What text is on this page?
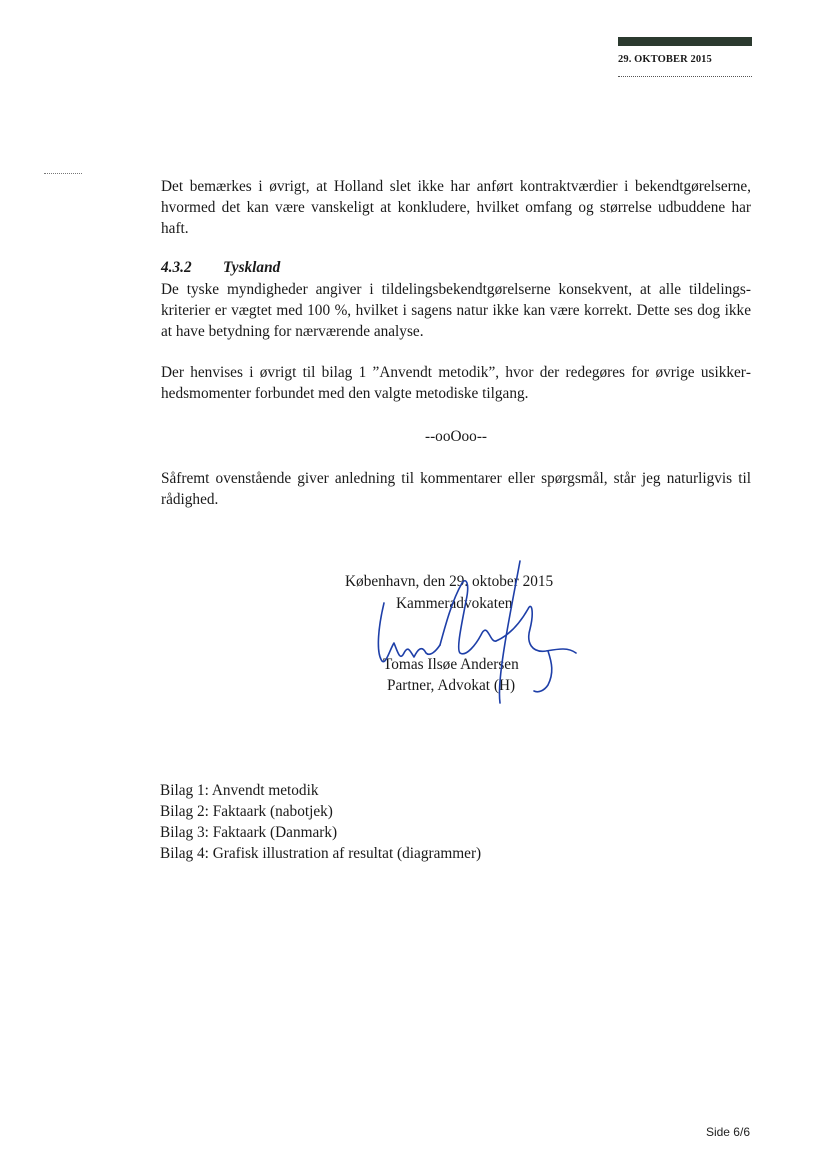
29. OKTOBER 2015
Det bemærkes i øvrigt, at Holland slet ikke har anført kontraktværdier i bekendtgørelserne, hvormed det kan være vanskeligt at konkludere, hvilket omfang og størrelse udbuddene har haft.
4.3.2 Tyskland
De tyske myndigheder angiver i tildelingsbekendtgørelserne konsekvent, at alle tildelingskriterier er vægtet med 100 %, hvilket i sagens natur ikke kan være korrekt. Dette ses dog ikke at have betydning for nærværende analyse.
Der henvises i øvrigt til bilag 1 ”Anvendt metodik”, hvor der redegøres for øvrige usikkerhedsmomenter forbundet med den valgte metodiske tilgang.
--ooOoo--
Såfremt ovenstående giver anledning til kommentarer eller spørgsmål, står jeg naturligvis til rådighed.
København, den 29. oktober 2015
Kammeradvokaten
Tomas Ilsøe Andersen
Partner, Advokat (H)
Bilag 1: Anvendt metodik
Bilag 2: Faktaark (nabotjek)
Bilag 3: Faktaark (Danmark)
Bilag 4: Grafisk illustration af resultat (diagrammer)
Side 6/6
